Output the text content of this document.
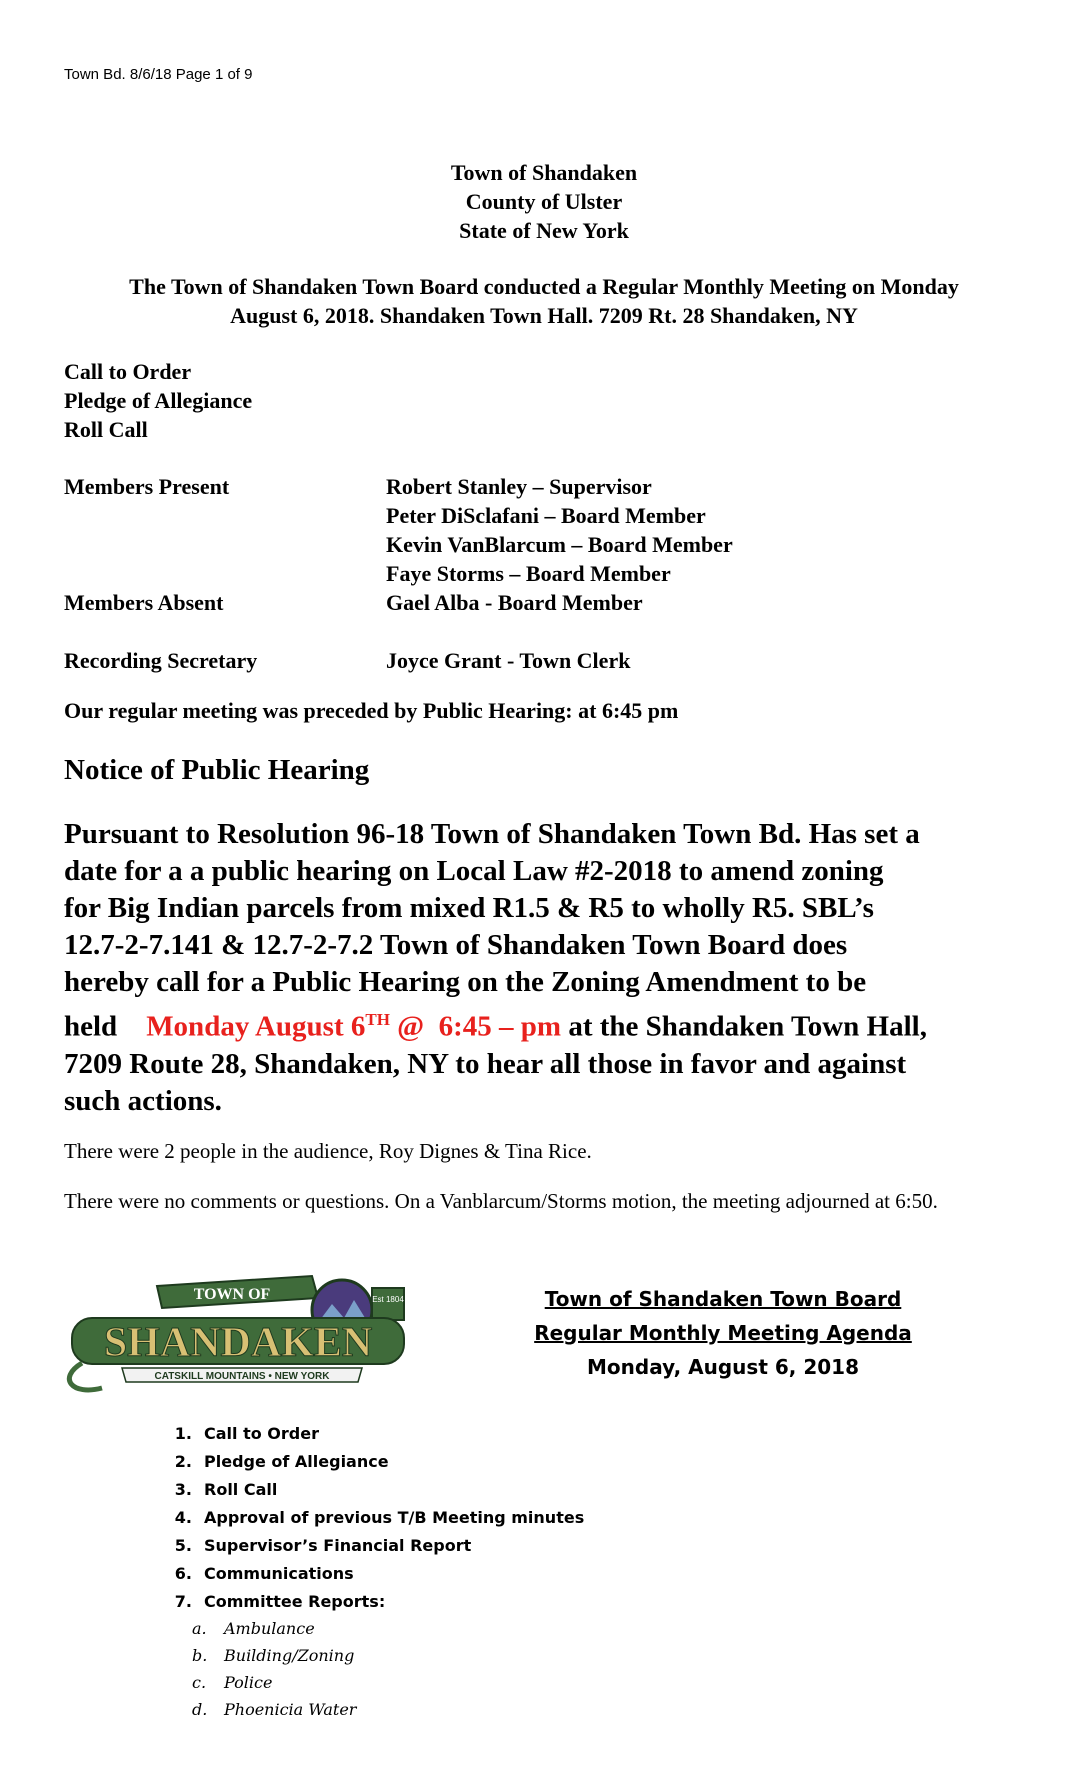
Town Bd. 8/6/18 Page 1 of 9
Town of Shandaken
County of Ulster
State of New York
The Town of Shandaken Town Board conducted a Regular Monthly Meeting on Monday
August 6, 2018. Shandaken Town Hall. 7209 Rt. 28 Shandaken, NY
Call to Order
Pledge of Allegiance
Roll Call
Members Present	Robert Stanley – Supervisor
Peter DiSclafani – Board Member
Kevin VanBlarcum – Board Member
Faye Storms – Board Member
Members Absent	Gael Alba - Board Member
Recording Secretary	Joyce Grant - Town Clerk
Our regular meeting was preceded by Public Hearing: at 6:45 pm
Notice of Public Hearing
Pursuant to Resolution 96-18 Town of Shandaken Town Bd. Has set a
date for a a public hearing on Local Law #2-2018 to amend zoning
for Big Indian parcels from mixed R1.5 & R5 to wholly R5. SBL’s
12.7-2-7.141 & 12.7-2-7.2 Town of Shandaken Town Board does
hereby call for a Public Hearing on the Zoning Amendment to be
held Monday August 6TH @  6:45 – pm at the Shandaken Town Hall,
7209 Route 28, Shandaken, NY to hear all those in favor and against
such actions.
There were 2 people in the audience, Roy Dignes & Tina Rice.
There were no comments or questions. On a Vanblarcum/Storms motion, the meeting adjourned at 6:50.
TOWN OF	Est 1804
SHANDAKEN
CATSKILL MOUNTAINS • NEW YORK
Town of Shandaken Town Board
Regular Monthly Meeting Agenda
Monday, August 6, 2018
1. Call to Order
2. Pledge of Allegiance
3. Roll Call
4. Approval of previous T/B Meeting minutes
5. Supervisor’s Financial Report
6. Communications
7. Committee Reports:
a. Ambulance
b. Building/Zoning
c. Police
d. Phoenicia Water
